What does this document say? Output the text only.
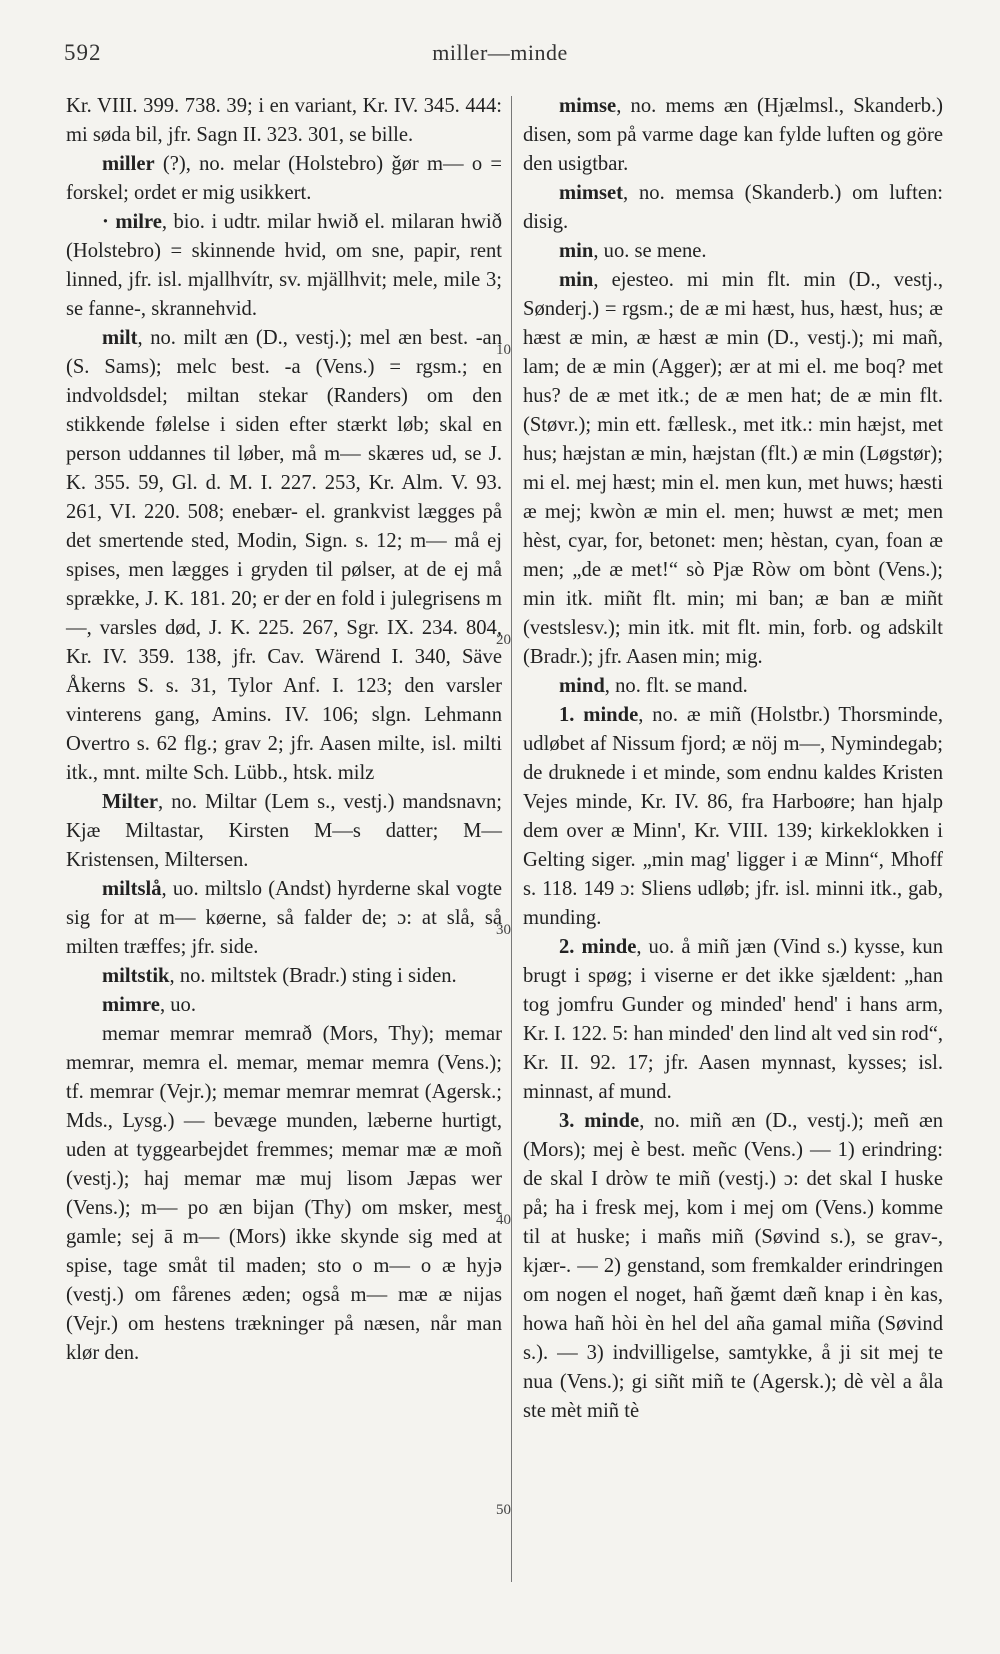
592	miller—minde
10
20
30
40
50

Kr. VIII. 399. 738. 39; i en variant, Kr. IV. 345. 444: mi søda bil, jfr. Sagn II. 323. 301, se bille.

miller (?), no. melar (Holstebro) ǧør m— o = forskel; ordet er mig usikkert.

· milre, bio. i udtr. milar hwið el. milaran hwið (Holstebro) = skinnende hvid, om sne, papir, rent linned, jfr. isl. mjallhvítr, sv. mjällhvit; mele, mile 3; se fanne-, skrannehvid.

milt, no. milt æn (D., vestj.); mel æn best. -an (S. Sams); melc best. -a (Vens.) = rgsm.; en indvoldsdel; miltan stekar (Randers) om den stikkende følelse i siden efter stærkt løb; skal en person uddannes til løber, må m— skæres ud, se J. K. 355. 59, Gl. d. M. I. 227. 253, Kr. Alm. V. 93. 261, VI. 220. 508; enebær- el. grankvist lægges på det smertende sted, Modin, Sign. s. 12; m— må ej spises, men lægges i gryden til pølser, at de ej må sprække, J. K. 181. 20; er der en fold i julegrisens m—, varsles død, J. K. 225. 267, Sgr. IX. 234. 804, Kr. IV. 359. 138, jfr. Cav. Wärend I. 340, Säve Åkerns S. s. 31, Tylor Anf. I. 123; den varsler vinterens gang, Amins. IV. 106; slgn. Lehmann Overtro s. 62 flg.; grav 2; jfr. Aasen milte, isl. milti itk., mnt. milte Sch. Lübb., htsk. milz

Milter, no. Miltar (Lem s., vestj.) mandsnavn; Kjæ Miltastar, Kirsten M—s datter; M— Kristensen, Miltersen.

miltslå, uo. miltslo (Andst) hyrderne skal vogte sig for at m— køerne, så falder de; ɔ: at slå, så milten træffes; jfr. side.

miltstik, no. miltstek (Bradr.) sting i siden.

mimre, uo.

memar memrar memrað (Mors, Thy); memar memrar, memra el. memar, memar memra (Vens.); tf. memrar (Vejr.); memar memrar memrat (Agersk.; Mds., Lysg.) — bevæge munden, læberne hurtigt, uden at tyggearbejdet fremmes; memar mæ æ moñ (vestj.); haj memar mæ muj lisom Jæpas wer (Vens.); m— po æn bijan (Thy) om msker, mest gamle; sej ā m— (Mors) ikke skynde sig med at spise, tage småt til maden; sto o m— o æ hyjə (vestj.) om fårenes æden; også m— mæ æ nijas (Vejr.) om hestens trækninger på næsen, når man klør den.

mimse, no. mems æn (Hjælmsl., Skanderb.) disen, som på varme dage kan fylde luften og göre den usigtbar.

mimset, no. memsa (Skanderb.) om luften: disig.

min, uo. se mene.

min, ejesteo. mi min flt. min (D., vestj., Sønderj.) = rgsm.; de æ mi hæst, hus, hæst, hus; æ hæst æ min, æ hæst æ min (D., vestj.); mi mañ, lam; de æ min (Agger); ær at mi el. me boq? met hus? de æ met itk.; de æ men hat; de æ min flt. (Støvr.); min ett. fællesk., met itk.: min hæjst, met hus; hæjstan æ min, hæjstan (flt.) æ min (Løgstør); mi el. mej hæst; min el. men kun, met huws; hæsti æ mej; kwòn æ min el. men; huwst æ met; men hèst, cyar, for, betonet: men; hèstan, cyan, foan æ men; „de æ met!“ sò Pjæ Ròw om bònt (Vens.); min itk. miñt flt. min; mi ban; æ ban æ miñt (vestslesv.); min itk. mit flt. min, forb. og adskilt (Bradr.); jfr. Aasen min; mig.

mind, no. flt. se mand.

1. minde, no. æ miñ (Holstbr.) Thorsminde, udløbet af Nissum fjord; æ nöj m—, Nymindegab; de druknede i et minde, som endnu kaldes Kristen Vejes minde, Kr. IV. 86, fra Harboøre; han hjalp dem over æ Minn', Kr. VIII. 139; kirkeklokken i Gelting siger. „min mag' ligger i æ Minn“, Mhoff s. 118. 149 ɔ: Sliens udløb; jfr. isl. minni itk., gab, munding.

2. minde, uo. å miñ jæn (Vind s.) kysse, kun brugt i spøg; i viserne er det ikke sjældent: „han tog jomfru Gunder og minded' hend' i hans arm, Kr. I. 122. 5: han minded' den lind alt ved sin rod“, Kr. II. 92. 17; jfr. Aasen mynnast, kysses; isl. minnast, af mund.

3. minde, no. miñ æn (D., vestj.); meñ æn (Mors); mej è best. meñc (Vens.) — 1) erindring: de skal I dròw te miñ (vestj.) ɔ: det skal I huske på; ha i fresk mej, kom i mej om (Vens.) komme til at huske; i mañs miñ (Søvind s.), se grav-, kjær-. — 2) genstand, som fremkalder erindringen om nogen el noget, hañ ǧæmt dæñ knap i èn kas, howa hañ hòi èn hel del aña gamal miña (Søvind s.). — 3) indvilligelse, samtykke, å ji sit mej te nua (Vens.); gi siñt miñ te (Agersk.); dè vèl a åla ste mèt miñ tè
